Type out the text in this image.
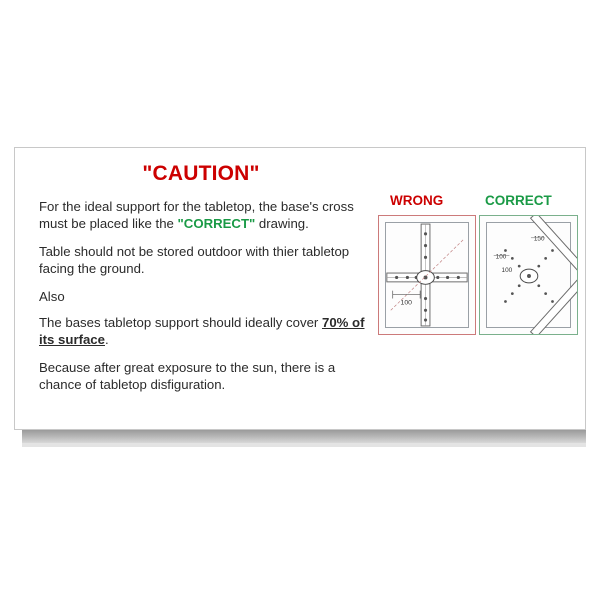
"CAUTION"

For the ideal support for the tabletop, the base's cross must be placed like the "CORRECT" drawing.

Table should not be stored outdoor with thier tabletop facing the ground.

Also

The bases tabletop support should ideally cover 70% of its surface.

Because after great exposure to the sun, there is a chance of tabletop disfiguration.

WRONG	CORRECT
100
150
100
100
